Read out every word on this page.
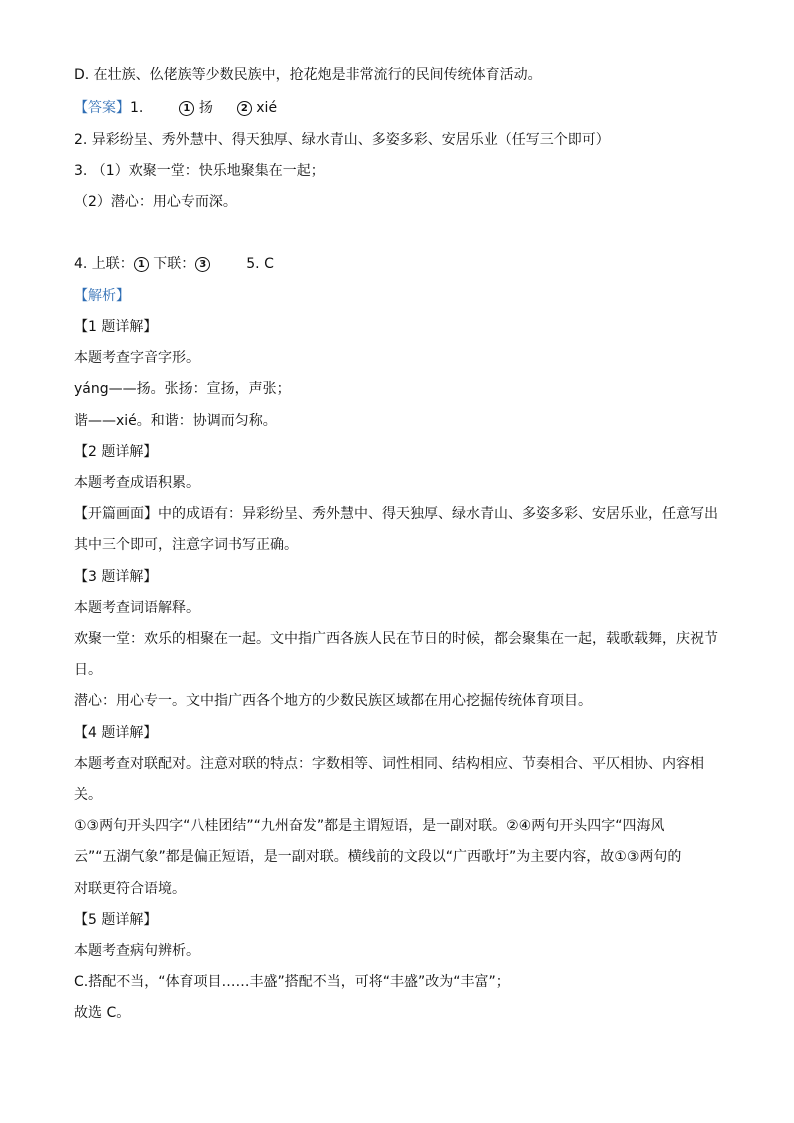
D. 在壮族、仫佬族等少数民族中，抢花炮是非常流行的民间传统体育活动。
【答案】1.	1 扬	2 xié
2. 异彩纷呈、秀外慧中、得天独厚、绿水青山、多姿多彩、安居乐业（任写三个即可）
3. （1）欢聚一堂：快乐地聚集在一起；
（2）潜心：用心专而深。
4. 上联： 1 下联： 3	5. C
【解析】
【1 题详解】
本题考查字音字形。
yáng——扬。张扬：宣扬，声张；
谐——xié。和谐：协调而匀称。
【2 题详解】
本题考查成语积累。
【开篇画面】中的成语有：异彩纷呈、秀外慧中、得天独厚、绿水青山、多姿多彩、安居乐业，任意写出
其中三个即可，注意字词书写正确。
【3 题详解】
本题考查词语解释。
欢聚一堂：欢乐的相聚在一起。文中指广西各族人民在节日的时候，都会聚集在一起，载歌载舞，庆祝节
日。
潜心：用心专一。文中指广西各个地方的少数民族区域都在用心挖掘传统体育项目。
【4 题详解】
本题考查对联配对。注意对联的特点：字数相等、词性相同、结构相应、节奏相合、平仄相协、内容相
关。
①③两句开头四字“八桂团结”“九州奋发”都是主谓短语，是一副对联。②④两句开头四字“四海风
云”“五湖气象”都是偏正短语，是一副对联。横线前的文段以“广西歌圩”为主要内容，故①③两句的
对联更符合语境。
【5 题详解】
本题考查病句辨析。
C.搭配不当，“体育项目……丰盛”搭配不当，可将“丰盛”改为“丰富”；
故选 C。
